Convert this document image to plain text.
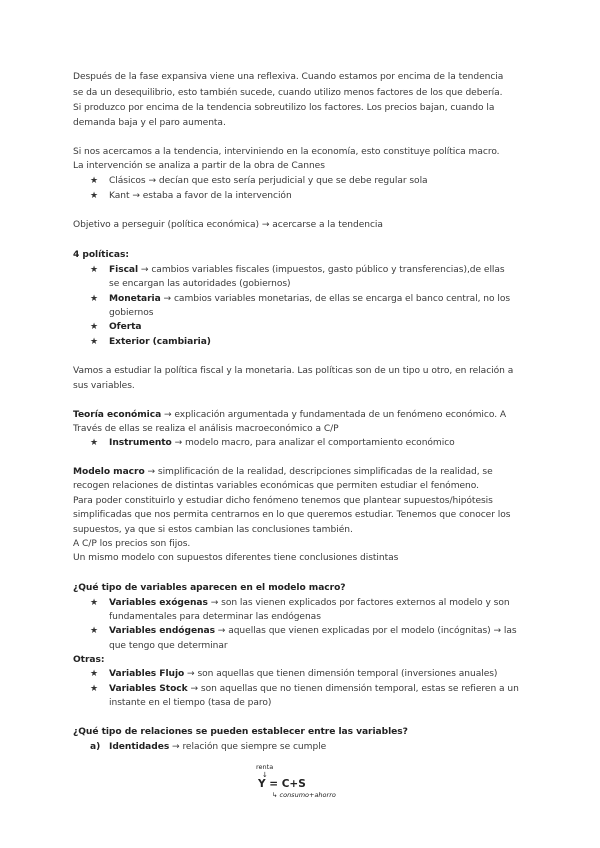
Después de la fase expansiva viene una reflexiva. Cuando estamos por encima de la tendencia
se da un desequilibrio, esto también sucede, cuando utilizo menos factores de los que debería.
Si produzco por encima de la tendencia sobreutilizo los factores. Los precios bajan, cuando la
demanda baja y el paro aumenta.
Si nos acercamos a la tendencia, interviniendo en la economía, esto constituye política macro.
La intervención se analiza a partir de la obra de Cannes
★ Clásicos → decían que esto sería perjudicial y que se debe regular sola
★ Kant → estaba a favor de la intervención
Objetivo a perseguir (política económica) → acercarse a la tendencia
4 políticas:
★ Fiscal → cambios variables fiscales (impuestos, gasto público y transferencias),de ellas
se encargan las autoridades (gobiernos)
★ Monetaria → cambios variables monetarias, de ellas se encarga el banco central, no los
gobiernos
★ Oferta
★ Exterior (cambiaria)
Vamos a estudiar la política fiscal y la monetaria. Las políticas son de un tipo u otro, en relación a
sus variables.
Teoría económica → explicación argumentada y fundamentada de un fenómeno económico. A
Través de ellas se realiza el análisis macroeconómico a C/P
★ Instrumento → modelo macro, para analizar el comportamiento económico
Modelo macro → simplificación de la realidad, descripciones simplificadas de la realidad, se
recogen relaciones de distintas variables económicas que permiten estudiar el fenómeno.
Para poder constituirlo y estudiar dicho fenómeno tenemos que plantear supuestos/hipótesis
simplificadas que nos permita centrarnos en lo que queremos estudiar. Tenemos que conocer los
supuestos, ya que si estos cambian las conclusiones también.
A C/P los precios son fijos.
Un mismo modelo con supuestos diferentes tiene conclusiones distintas
¿Qué tipo de variables aparecen en el modelo macro?
★ Variables exógenas → son las vienen explicados por factores externos al modelo y son
fundamentales para determinar las endógenas
★ Variables endógenas → aquellas que vienen explicadas por el modelo (incógnitas) → las
que tengo que determinar
Otras:
★ Variables Flujo → son aquellas que tienen dimensión temporal (inversiones anuales)
★ Variables Stock → son aquellas que no tienen dimensión temporal, estas se refieren a un
instante en el tiempo (tasa de paro)
¿Qué tipo de relaciones se pueden establecer entre las variables?
a) Identidades → relación que siempre se cumple
renta
↓
Y = C+S
↳ consumo+ahorro
